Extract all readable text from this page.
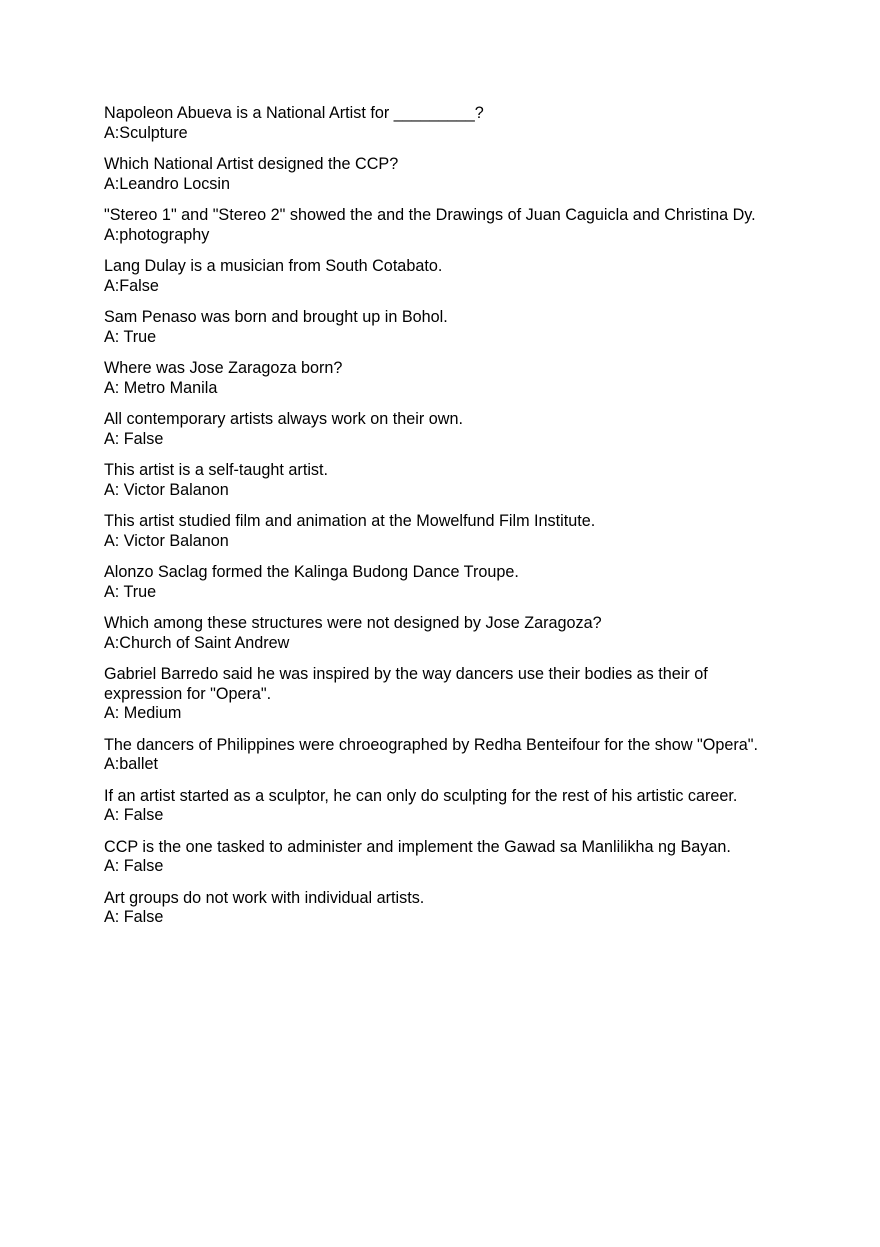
Napoleon Abueva is a National Artist for _________?

A:Sculpture

Which National Artist designed the CCP?

A:Leandro Locsin

"Stereo 1" and "Stereo 2" showed the and the Drawings of Juan Caguicla and Christina Dy.

A:photography

Lang Dulay is a musician from South Cotabato.

A:False

Sam Penaso was born and brought up in Bohol.

A: True

Where was Jose Zaragoza born?

A: Metro Manila

All contemporary artists always work on their own.

A: False

This artist is a self-taught artist.

A: Victor Balanon

This artist studied film and animation at the Mowelfund Film Institute.

A: Victor Balanon

Alonzo Saclag formed the Kalinga Budong Dance Troupe.

A: True

Which among these structures were not designed by Jose Zaragoza?

A:Church of Saint Andrew

Gabriel Barredo said he was inspired by the way dancers use their bodies as their of expression for "Opera".

A: Medium

The dancers of Philippines were chroeographed by Redha Benteifour for the show "Opera".

A:ballet

If an artist started as a sculptor, he can only do sculpting for the rest of his artistic career.

A: False

CCP is the one tasked to administer and implement the Gawad sa Manlilikha ng Bayan.

A: False

Art groups do not work with individual artists.

A: False
